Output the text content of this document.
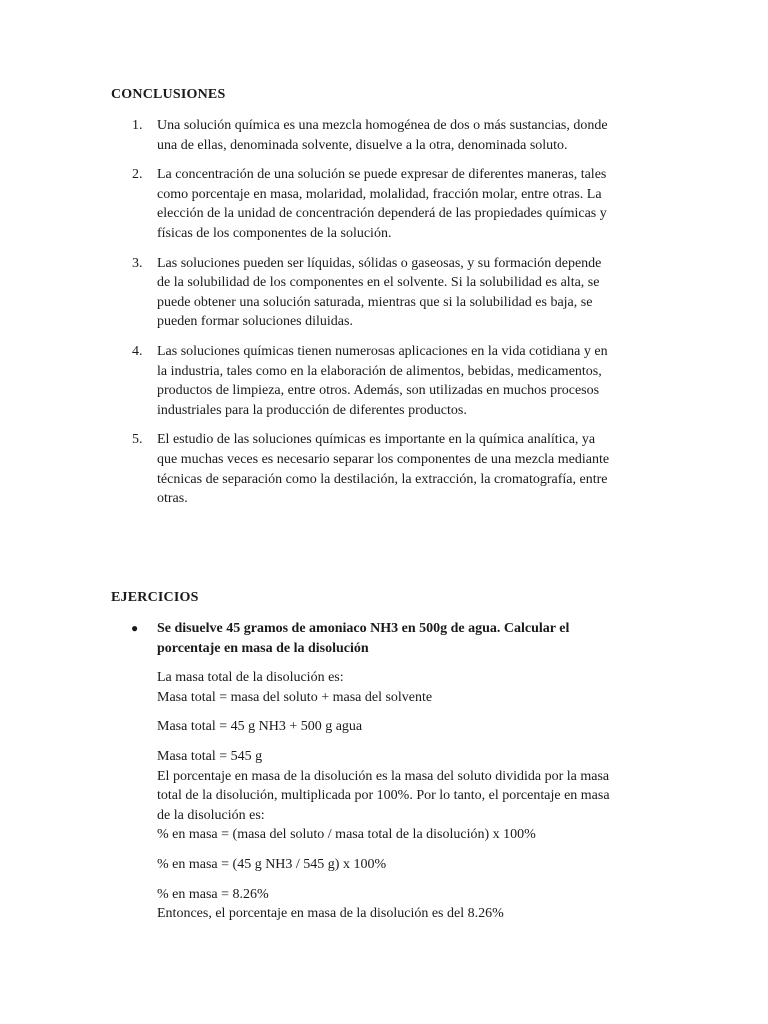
CONCLUSIONES
1. Una solución química es una mezcla homogénea de dos o más sustancias, donde
una de ellas, denominada solvente, disuelve a la otra, denominada soluto.
2. La concentración de una solución se puede expresar de diferentes maneras, tales
como porcentaje en masa, molaridad, molalidad, fracción molar, entre otras. La
elección de la unidad de concentración dependerá de las propiedades químicas y
físicas de los componentes de la solución.
3. Las soluciones pueden ser líquidas, sólidas o gaseosas, y su formación depende
de la solubilidad de los componentes en el solvente. Si la solubilidad es alta, se
puede obtener una solución saturada, mientras que si la solubilidad es baja, se
pueden formar soluciones diluidas.
4. Las soluciones químicas tienen numerosas aplicaciones en la vida cotidiana y en
la industria, tales como en la elaboración de alimentos, bebidas, medicamentos,
productos de limpieza, entre otros. Además, son utilizadas en muchos procesos
industriales para la producción de diferentes productos.
5. El estudio de las soluciones químicas es importante en la química analítica, ya
que muchas veces es necesario separar los componentes de una mezcla mediante
técnicas de separación como la destilación, la extracción, la cromatografía, entre
otras.
EJERCICIOS
● Se disuelve 45 gramos de amoniaco NH3 en 500g de agua. Calcular el
porcentaje en masa de la disolución

La masa total de la disolución es:
Masa total = masa del soluto + masa del solvente

Masa total = 45 g NH3 + 500 g agua

Masa total = 545 g
El porcentaje en masa de la disolución es la masa del soluto dividida por la masa
total de la disolución, multiplicada por 100%. Por lo tanto, el porcentaje en masa
de la disolución es:
% en masa = (masa del soluto / masa total de la disolución) x 100%

% en masa = (45 g NH3 / 545 g) x 100%

% en masa = 8.26%
Entonces, el porcentaje en masa de la disolución es del 8.26%
